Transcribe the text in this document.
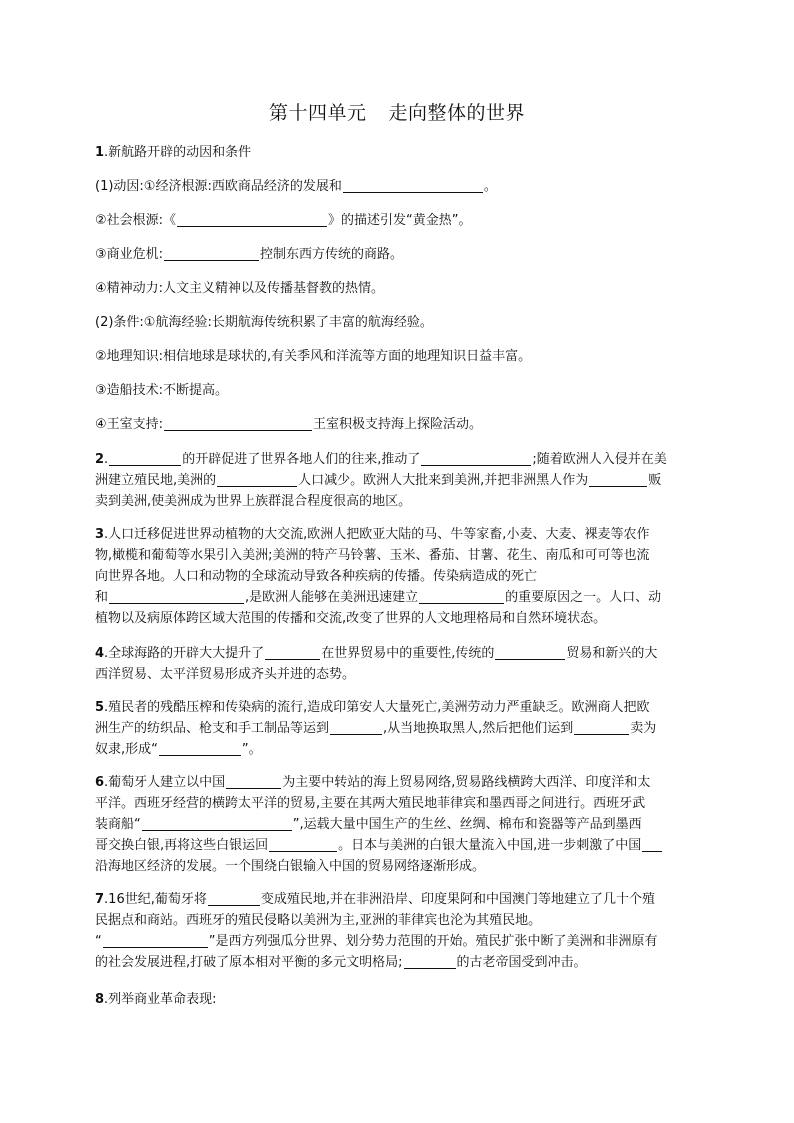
第十四单元 走向整体的世界
1.新航路开辟的动因和条件
(1)动因:①经济根源:西欧商品经济的发展和	。
②社会根源:《	》的描述引发“黄金热”。
③商业危机:	控制东西方传统的商路。
④精神动力:人文主义精神以及传播基督教的热情。
(2)条件:①航海经验:长期航海传统积累了丰富的航海经验。
②地理知识:相信地球是球状的,有关季风和洋流等方面的地理知识日益丰富。
③造船技术:不断提高。
④王室支持:	王室积极支持海上探险活动。
2.	的开辟促进了世界各地人们的往来,推动了	;随着欧洲人入侵并在美
洲建立殖民地,美洲的	人口减少。欧洲人大批来到美洲,并把非洲黑人作为	贩
卖到美洲,使美洲成为世界上族群混合程度很高的地区。
3.人口迁移促进世界动植物的大交流,欧洲人把欧亚大陆的马、牛等家畜,小麦、大麦、裸麦等农作
物,橄榄和葡萄等水果引入美洲;美洲的特产马铃薯、玉米、番茄、甘薯、花生、南瓜和可可等也流
向世界各地。人口和动物的全球流动导致各种疾病的传播。传染病造成的死亡
和	,是欧洲人能够在美洲迅速建立	的重要原因之一。人口、动
植物以及病原体跨区域大范围的传播和交流,改变了世界的人文地理格局和自然环境状态。
4.全球海路的开辟大大提升了	在世界贸易中的重要性,传统的	贸易和新兴的大
西洋贸易、太平洋贸易形成齐头并进的态势。
5.殖民者的残酷压榨和传染病的流行,造成印第安人大量死亡,美洲劳动力严重缺乏。欧洲商人把欧
洲生产的纺织品、枪支和手工制品等运到	,从当地换取黑人,然后把他们运到	卖为
奴隶,形成“	”。
6.葡萄牙人建立以中国	为主要中转站的海上贸易网络,贸易路线横跨大西洋、印度洋和太
平洋。西班牙经营的横跨太平洋的贸易,主要在其两大殖民地菲律宾和墨西哥之间进行。西班牙武
装商船“	”,运载大量中国生产的生丝、丝绸、棉布和瓷器等产品到墨西
哥交换白银,再将这些白银运回	。日本与美洲的白银大量流入中国,进一步刺激了中国
沿海地区经济的发展。一个围绕白银输入中国的贸易网络逐渐形成。
7.16世纪,葡萄牙将	变成殖民地,并在非洲沿岸、印度果阿和中国澳门等地建立了几十个殖
民据点和商站。西班牙的殖民侵略以美洲为主,亚洲的菲律宾也沦为其殖民地。
“	”是西方列强瓜分世界、划分势力范围的开始。殖民扩张中断了美洲和非洲原有
的社会发展进程,打破了原本相对平衡的多元文明格局;	的古老帝国受到冲击。
8.列举商业革命表现:
